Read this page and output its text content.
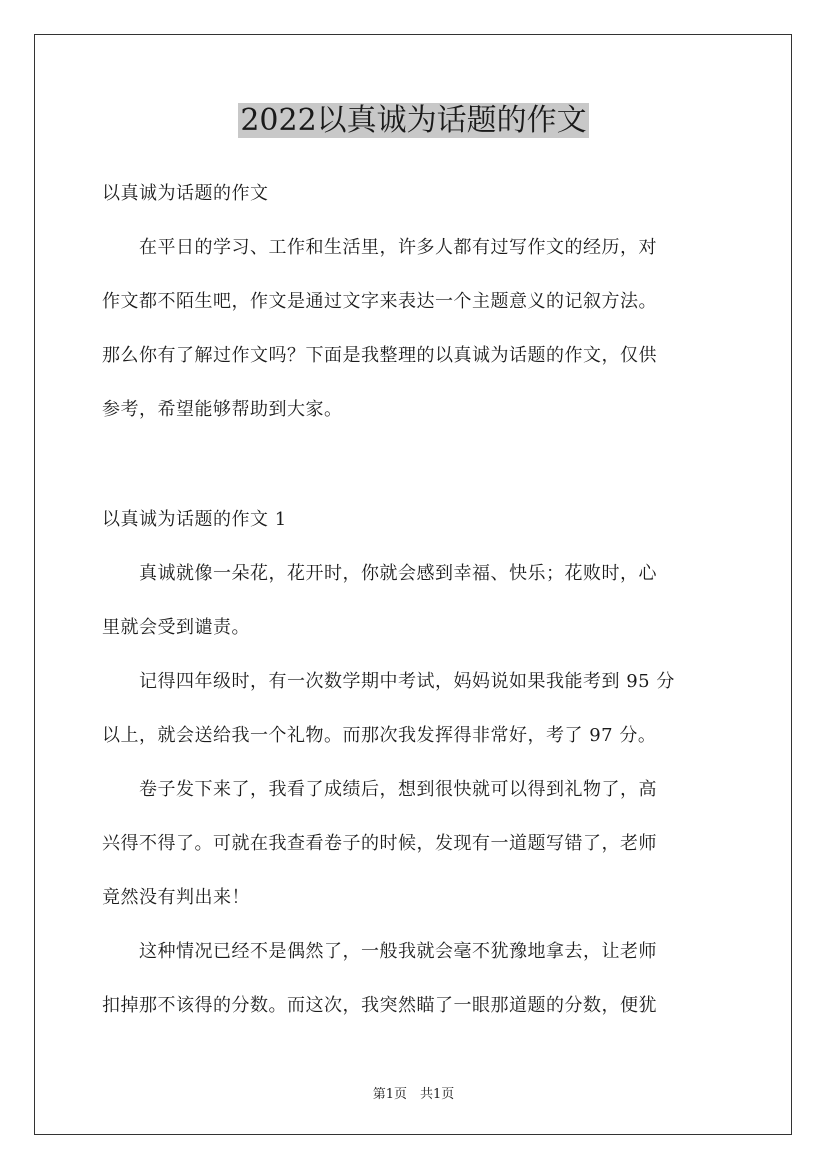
2022以真诚为话题的作文
以真诚为话题的作文
　　在平日的学习、工作和生活里，许多人都有过写作文的经历，对
作文都不陌生吧，作文是通过文字来表达一个主题意义的记叙方法。
那么你有了解过作文吗？下面是我整理的以真诚为话题的作文，仅供
参考，希望能够帮助到大家。
以真诚为话题的作文 1
　　真诚就像一朵花，花开时，你就会感到幸福、快乐；花败时，心
里就会受到谴责。
　　记得四年级时，有一次数学期中考试，妈妈说如果我能考到 95 分
以上，就会送给我一个礼物。而那次我发挥得非常好，考了 97 分。
　　卷子发下来了，我看了成绩后，想到很快就可以得到礼物了，高
兴得不得了。可就在我查看卷子的时候，发现有一道题写错了，老师
竟然没有判出来！
　　这种情况已经不是偶然了，一般我就会毫不犹豫地拿去，让老师
扣掉那不该得的分数。而这次，我突然瞄了一眼那道题的分数，便犹
第1页　共1页
